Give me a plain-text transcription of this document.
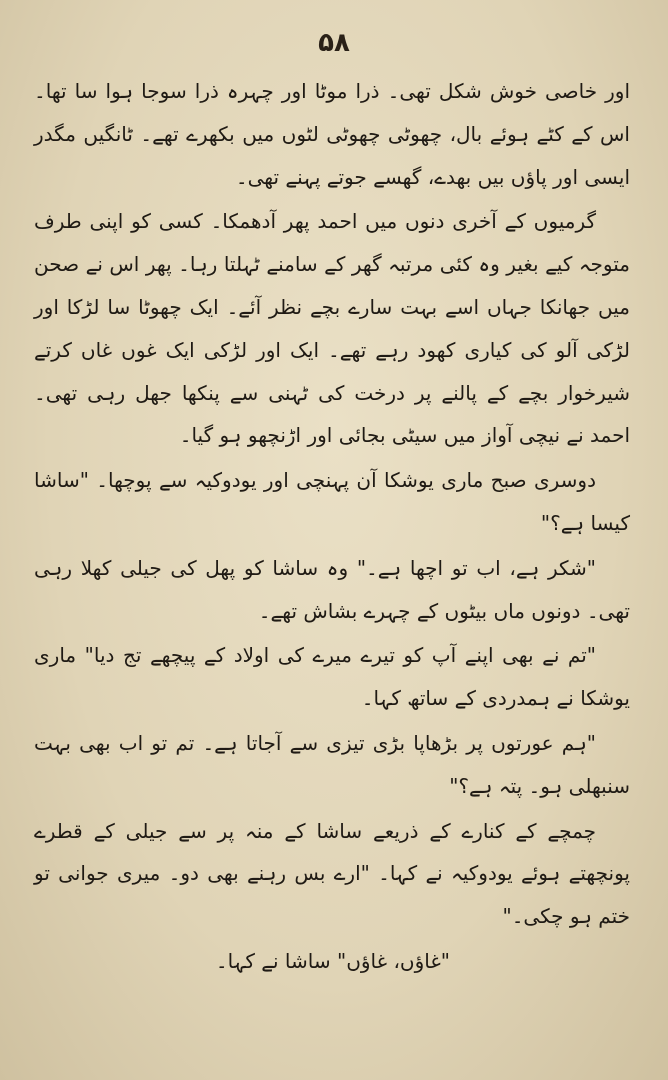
۵۸

اور خاصی خوش شکل تھی۔ ذرا موٹا اور چہرہ ذرا سوجا ہوا سا تھا۔ اس کے کٹے ہوئے بال، چھوٹی چھوٹی لٹوں میں بکھرے تھے۔ ٹانگیں مگدر ایسی اور پاؤں بیں بھدے، گھسے جوتے پہنے تھی۔

گرمیوں کے آخری دنوں میں احمد پھر آدھمکا۔ کسی کو اپنی طرف متوجہ کیے بغیر وہ کئی مرتبہ گھر کے سامنے ٹہلتا رہا۔ پھر اس نے صحن میں جھانکا جہاں اسے بہت سارے بچے نظر آئے۔ ایک چھوٹا سا لڑکا اور لڑکی آلو کی کیاری کھود رہے تھے۔ ایک اور لڑکی ایک غوں غاں کرتے شیرخوار بچے کے پالنے پر درخت کی ٹہنی سے پنکھا جھل رہی تھی۔ احمد نے نیچی آواز میں سیٹی بجائی اور اڑنچھو ہو گیا۔

دوسری صبح ماری یوشکا آن پہنچی اور یودوکیہ سے پوچھا۔ "ساشا کیسا ہے؟"

"شکر ہے، اب تو اچھا ہے۔" وہ ساشا کو پھل کی جیلی کھلا رہی تھی۔ دونوں ماں بیٹوں کے چہرے بشاش تھے۔

"تم نے بھی اپنے آپ کو تیرے میرے کی اولاد کے پیچھے تج دیا" ماری یوشکا نے ہمدردی کے ساتھ کہا۔

"ہم عورتوں پر بڑھاپا بڑی تیزی سے آجاتا ہے۔ تم تو اب بھی بہت سنبھلی ہو۔ پتہ ہے؟"

چمچے کے کنارے کے ذریعے ساشا کے منہ پر سے جیلی کے قطرے پونچھتے ہوئے یودوکیہ نے کہا۔ "ارے بس رہنے بھی دو۔ میری جوانی تو ختم ہو چکی۔"

"غاؤں، غاؤں" ساشا نے کہا۔
